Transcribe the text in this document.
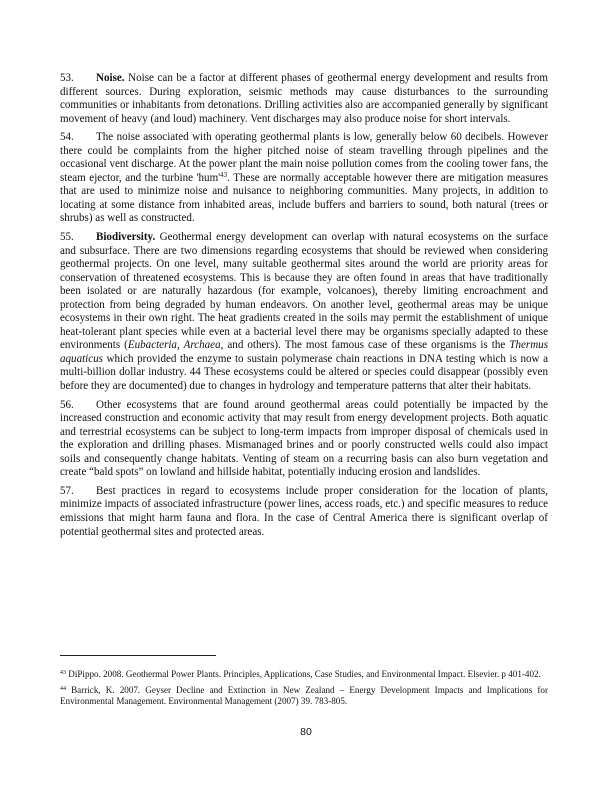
53. Noise. Noise can be a factor at different phases of geothermal energy development and results from different sources. During exploration, seismic methods may cause disturbances to the surrounding communities or inhabitants from detonations. Drilling activities also are accompanied generally by significant movement of heavy (and loud) machinery. Vent discharges may also produce noise for short intervals.

54. The noise associated with operating geothermal plants is low, generally below 60 decibels. However there could be complaints from the higher pitched noise of steam travelling through pipelines and the occasional vent discharge. At the power plant the main noise pollution comes from the cooling tower fans, the steam ejector, and the turbine '$hum'^{43}$. These are normally acceptable however there are mitigation measures that are used to minimize noise and nuisance to neighboring communities. Many projects, in addition to locating at some distance from inhabited areas, include buffers and barriers to sound, both natural (trees or shrubs) as well as constructed.

55. Biodiversity. Geothermal energy development can overlap with natural ecosystems on the surface and subsurface. There are two dimensions regarding ecosystems that should be reviewed when considering geothermal projects. On one level, many suitable geothermal sites around the world are priority areas for conservation of threatened ecosystems. This is because they are often found in areas that have traditionally been isolated or are naturally hazardous (for example, volcanoes), thereby limiting encroachment and protection from being degraded by human endeavors. On another level, geothermal areas may be unique ecosystems in their own right. The heat gradients created in the soils may permit the establishment of unique heat-tolerant plant species while even at a bacterial level there may be organisms specially adapted to these environments (Eubacteria, Archaea, and others). The most famous case of these organisms is the Thermus aquaticus which provided the enzyme to sustain polymerase chain reactions in DNA testing which is now a multi-billion dollar industry. 44 These ecosystems could be altered or species could disappear (possibly even before they are documented) due to changes in hydrology and temperature patterns that alter their habitats.

56. Other ecosystems that are found around geothermal areas could potentially be impacted by the increased construction and economic activity that may result from energy development projects. Both aquatic and terrestrial ecosystems can be subject to long-term impacts from improper disposal of chemicals used in the exploration and drilling phases. Mismanaged brines and or poorly constructed wells could also impact soils and consequently change habitats. Venting of steam on a recurring basis can also burn vegetation and create “bald spots” on lowland and hillside habitat, potentially inducing erosion and landslides.

57. Best practices in regard to ecosystems include proper consideration for the location of plants, minimize impacts of associated infrastructure (power lines, access roads, etc.) and specific measures to reduce emissions that might harm fauna and flora. In the case of Central America there is significant overlap of potential geothermal sites and protected areas.

$^{43}$ DiPippo. 2008. Geothermal Power Plants. Principles, Applications, Case Studies, and Environmental Impact. Elsevier. p 401-402.

$^{44}$ Barrick, K. 2007. Geyser Decline and Extinction in New Zealand – Energy Development Impacts and Implications for Environmental Management. Environmental Management (2007) 39. 783-805.

80
